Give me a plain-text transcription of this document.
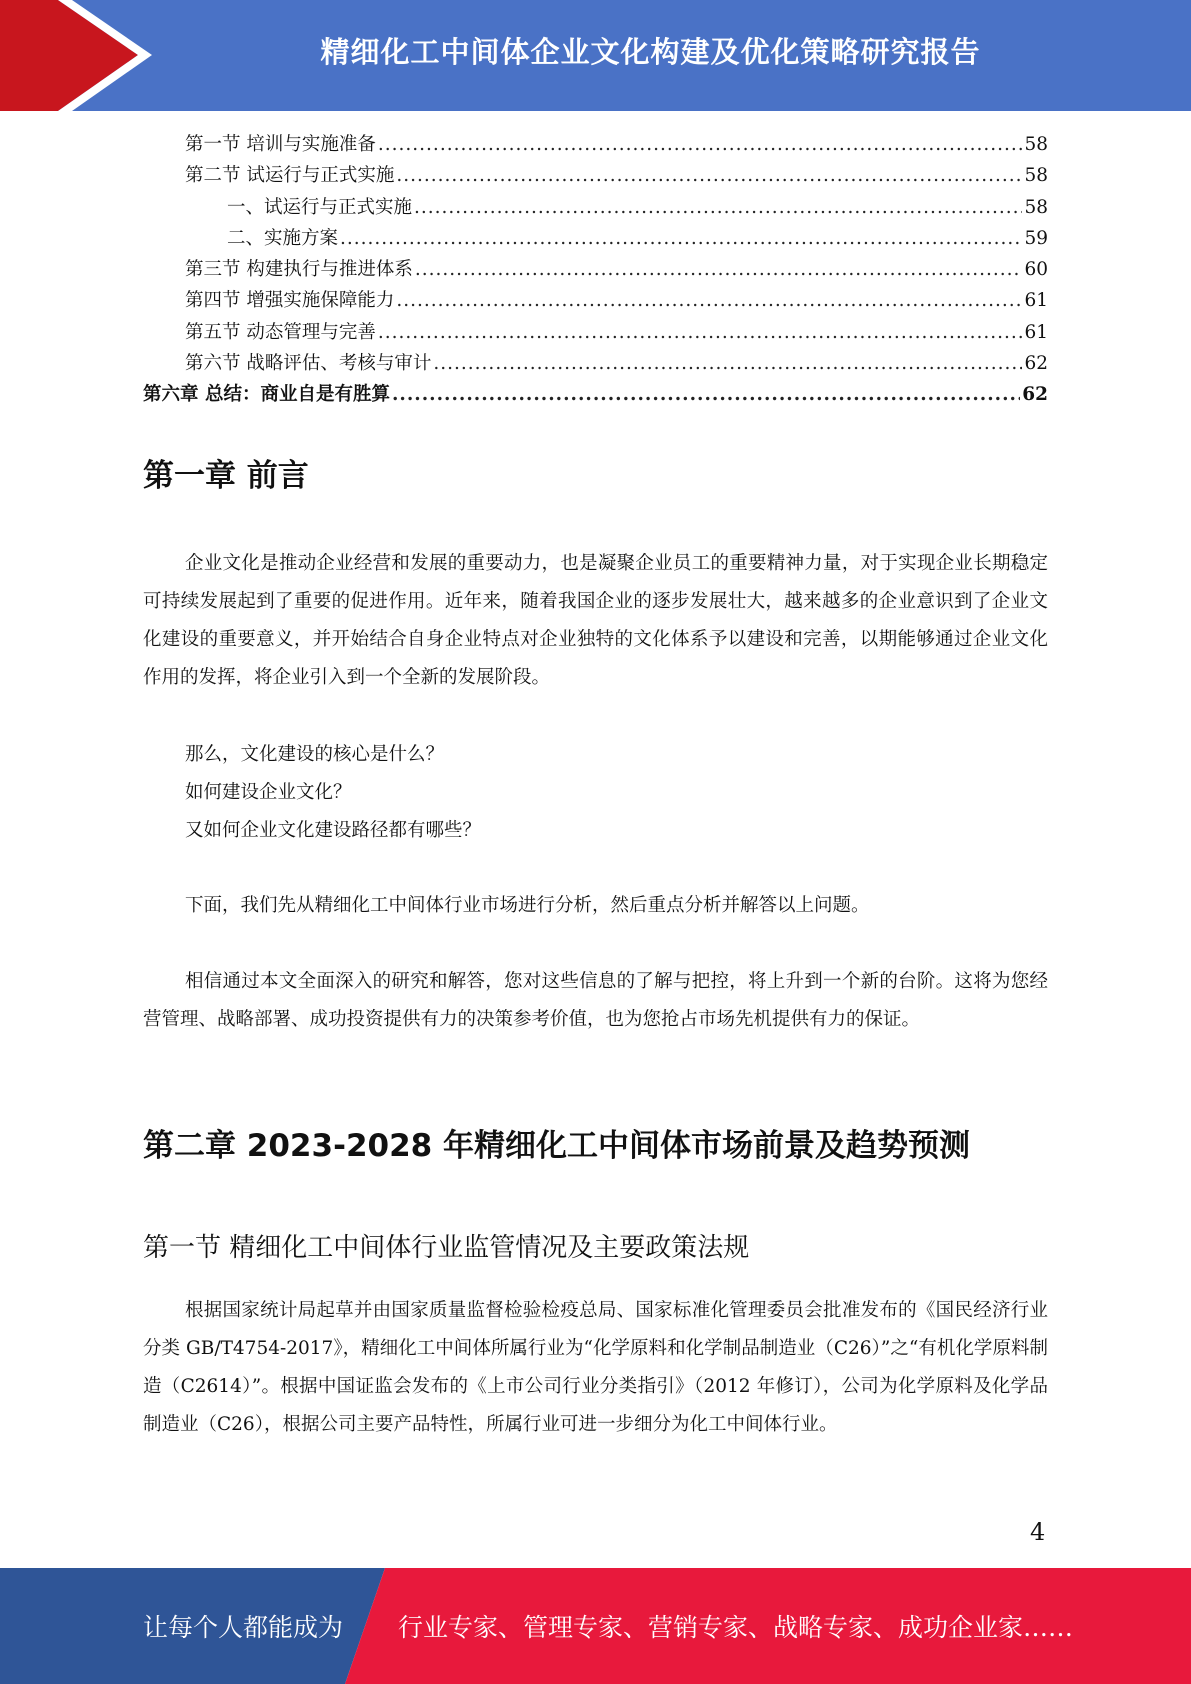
精细化工中间体企业文化构建及优化策略研究报告
第一节 培训与实施准备 .....	58
第二节 试运行与正式实施 .....	58
一、试运行与正式实施 .....	58
二、实施方案 .....	59
第三节 构建执行与推进体系 .....	60
第四节 增强实施保障能力 .....	61
第五节 动态管理与完善 .....	61
第六节 战略评估、考核与审计 .....	62
第六章 总结：商业自是有胜算 .....	62
第一章 前言

企业文化是推动企业经营和发展的重要动力，也是凝聚企业员工的重要精神力量，对于实现企业长期稳定可持续发展起到了重要的促进作用。近年来，随着我国企业的逐步发展壮大，越来越多的企业意识到了企业文化建设的重要意义，并开始结合自身企业特点对企业独特的文化体系予以建设和完善，以期能够通过企业文化作用的发挥，将企业引入到一个全新的发展阶段。

那么，文化建设的核心是什么？
如何建设企业文化？
又如何企业文化建设路径都有哪些？

下面，我们先从精细化工中间体行业市场进行分析，然后重点分析并解答以上问题。

相信通过本文全面深入的研究和解答，您对这些信息的了解与把控，将上升到一个新的台阶。这将为您经营管理、战略部署、成功投资提供有力的决策参考价值，也为您抢占市场先机提供有力的保证。

第二章 2023-2028 年精细化工中间体市场前景及趋势预测
第一节 精细化工中间体行业监管情况及主要政策法规

根据国家统计局起草并由国家质量监督检验检疫总局、国家标准化管理委员会批准发布的《国民经济行业分类 GB/T4754-2017》，精细化工中间体所属行业为“化学原料和化学制品制造业（C26）”之“有机化学原料制造（C2614）”。根据中国证监会发布的《上市公司行业分类指引》（2012 年修订），公司为化学原料及化学品制造业（C26），根据公司主要产品特性，所属行业可进一步细分为化工中间体行业。

4
让每个人都能成为 行业专家、管理专家、营销专家、战略专家、成功企业家……
